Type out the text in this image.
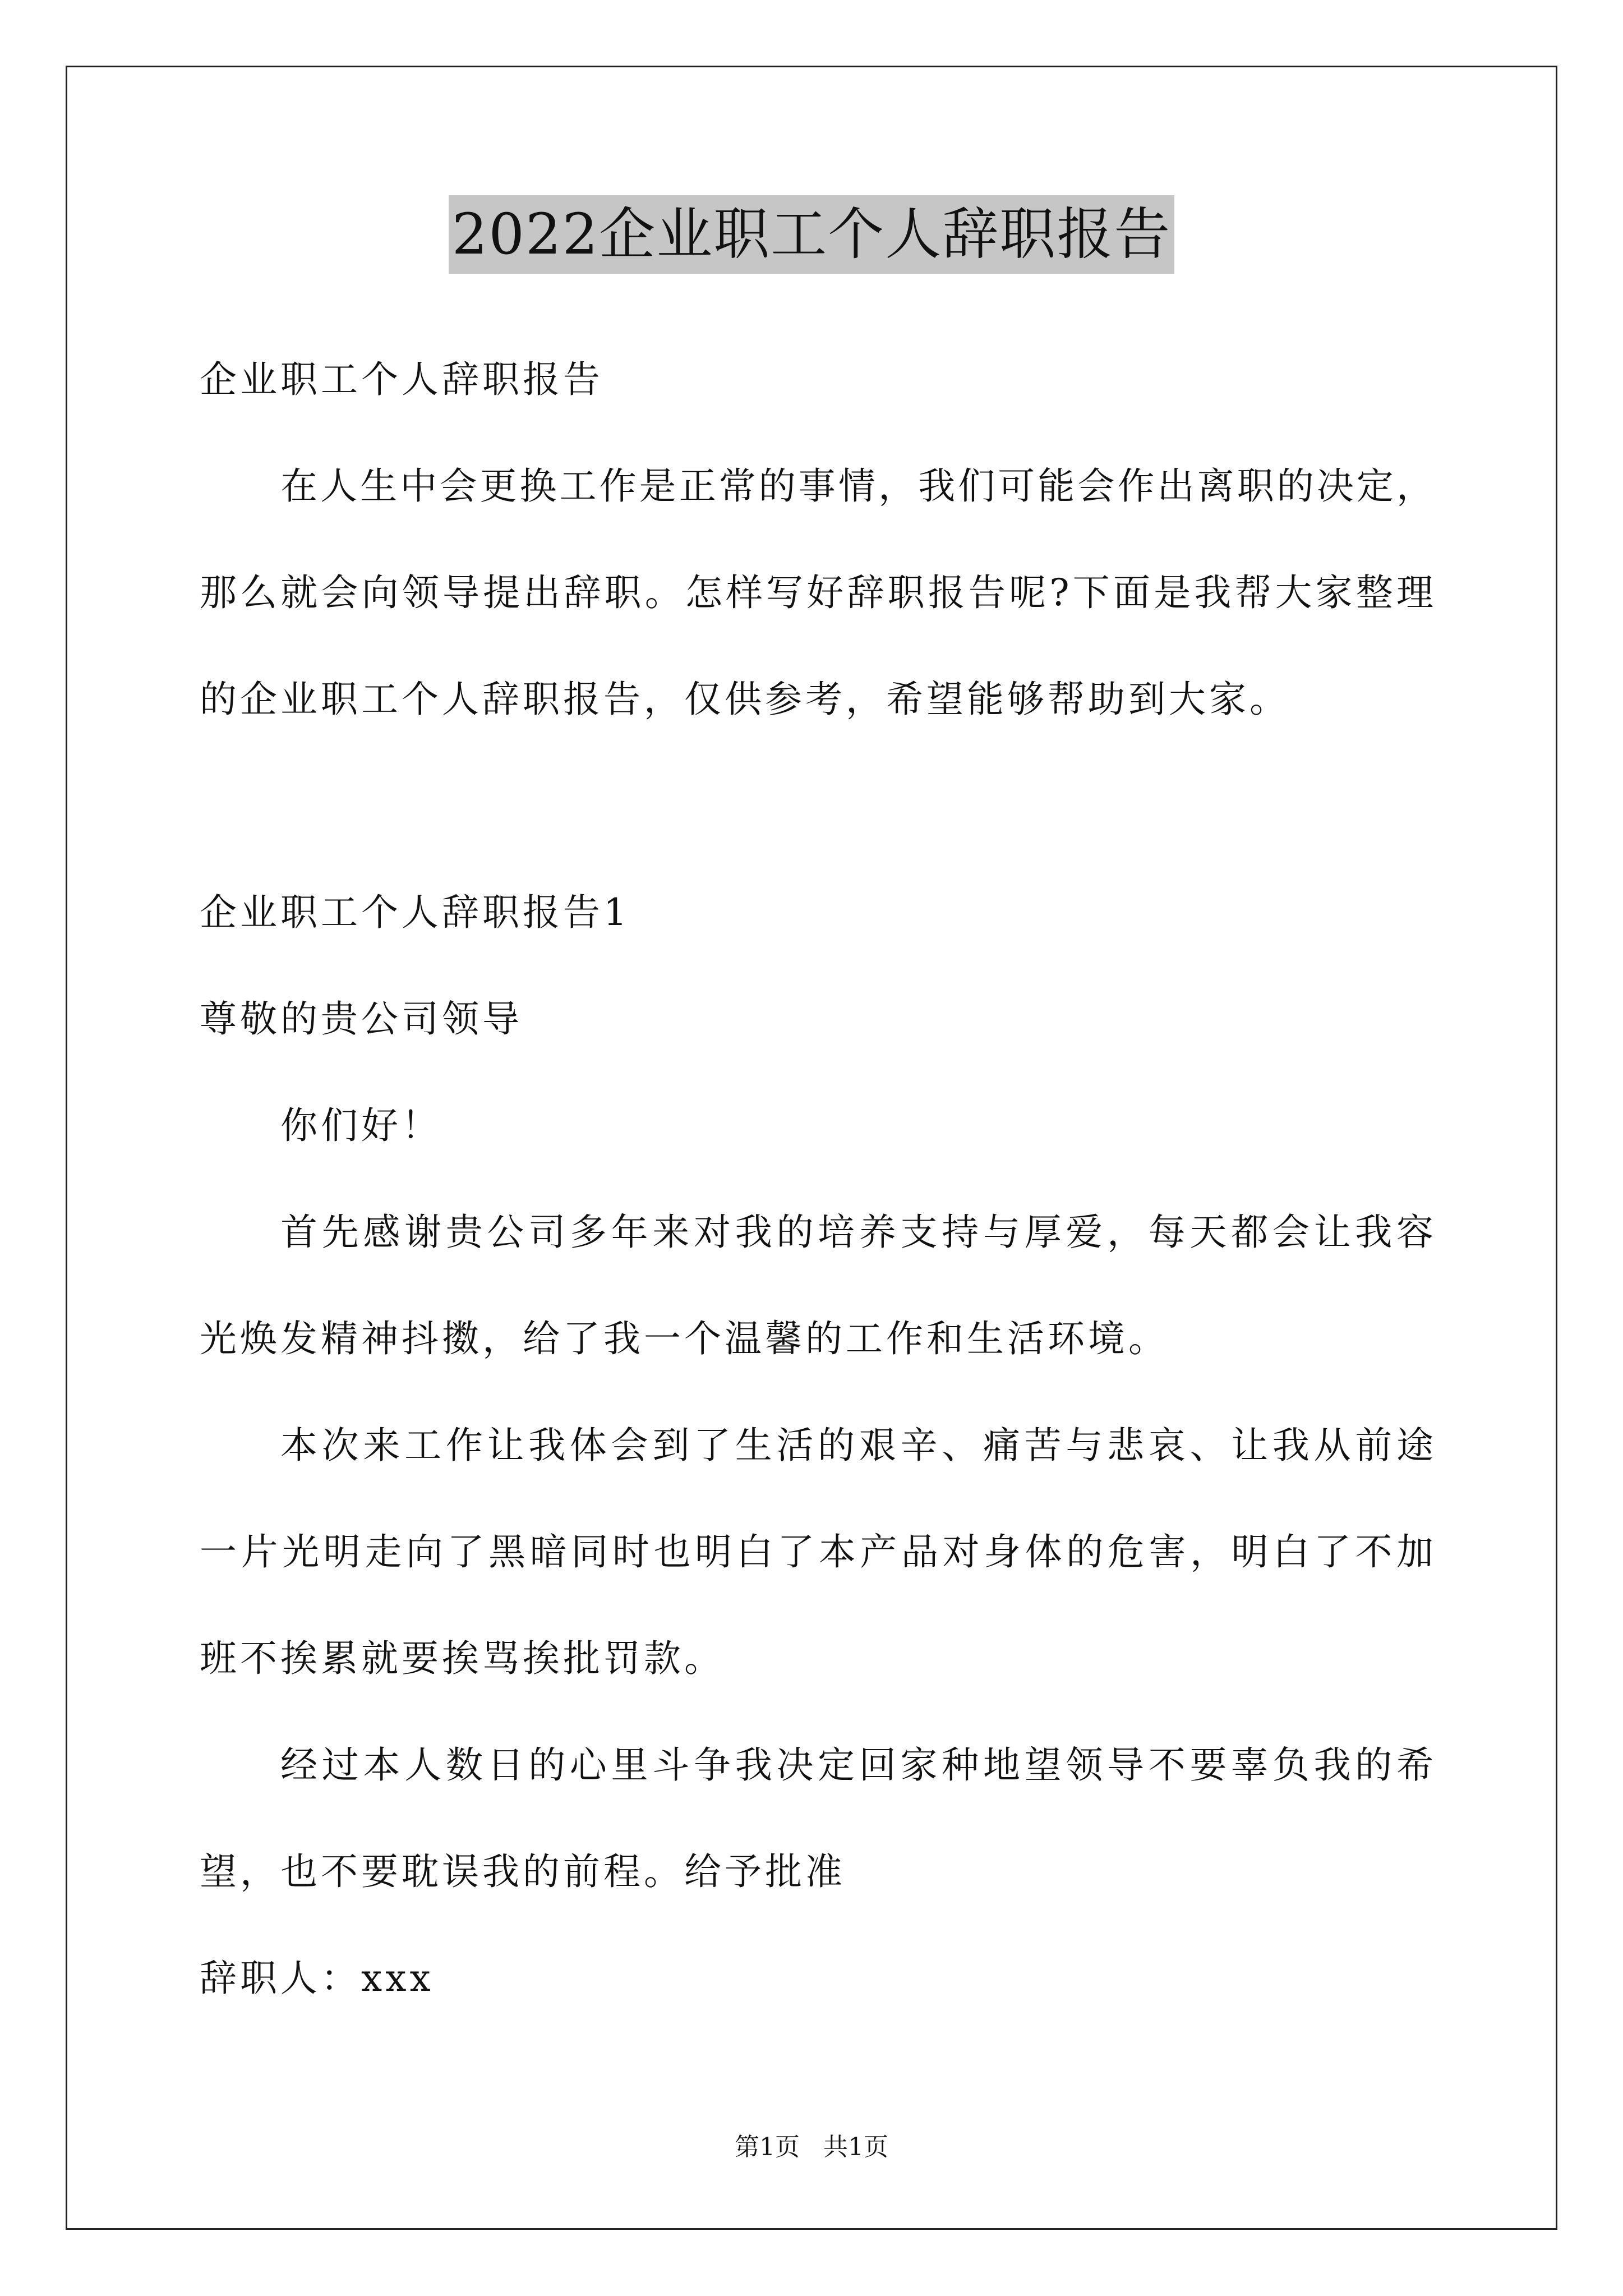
2022企业职工个人辞职报告
企业职工个人辞职报告
在人生中会更换工作是正常的事情，我们可能会作出离职的决定，
那么就会向领导提出辞职。怎样写好辞职报告呢?下面是我帮大家整理
的企业职工个人辞职报告，仅供参考，希望能够帮助到大家。
企业职工个人辞职报告1
尊敬的贵公司领导
你们好！
首先感谢贵公司多年来对我的培养支持与厚爱，每天都会让我容
光焕发精神抖擞，给了我一个温馨的工作和生活环境。
本次来工作让我体会到了生活的艰辛、痛苦与悲哀、让我从前途
一片光明走向了黑暗同时也明白了本产品对身体的危害，明白了不加
班不挨累就要挨骂挨批罚款。
经过本人数日的心里斗争我决定回家种地望领导不要辜负我的希
望，也不要耽误我的前程。给予批准
辞职人：xxx
第1页   共1页
